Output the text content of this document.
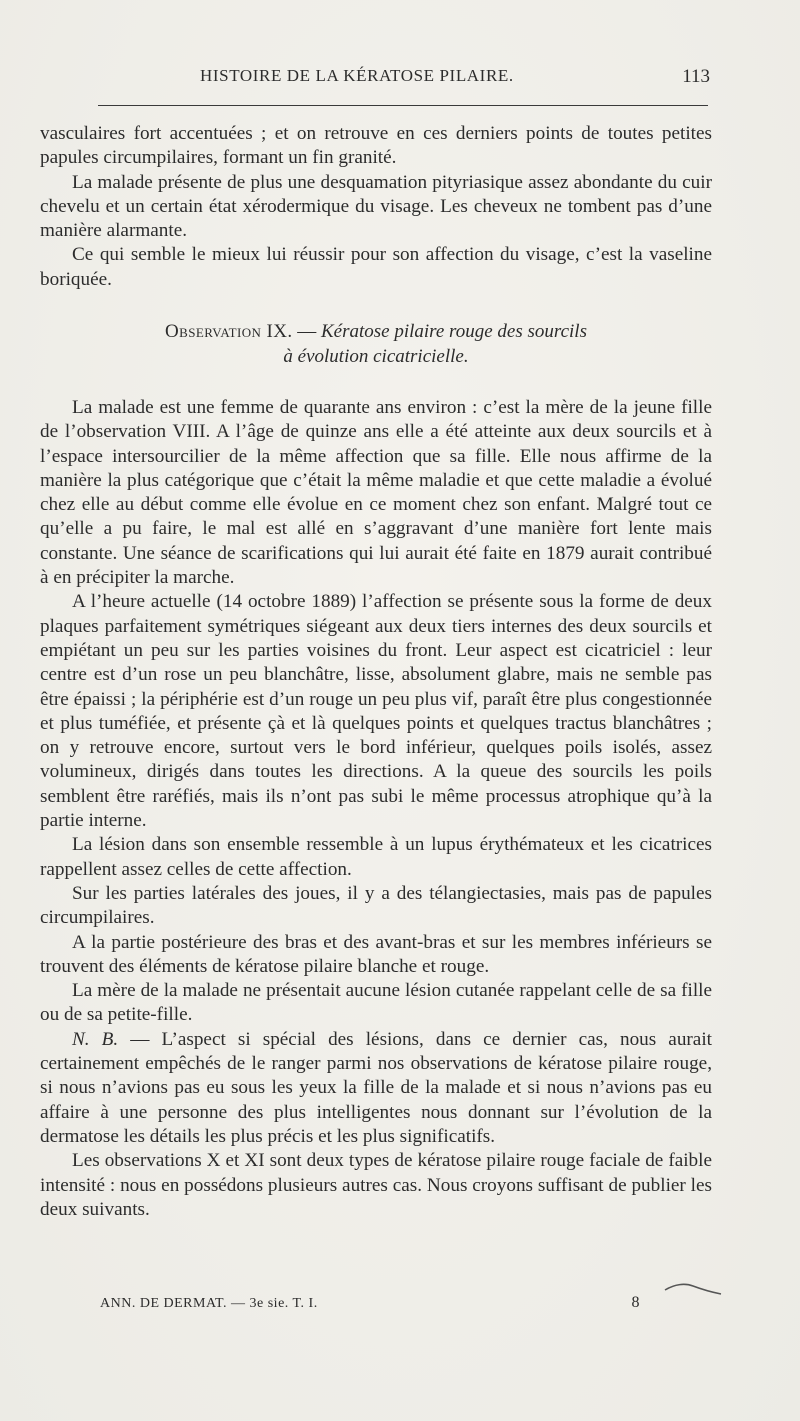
HISTOIRE DE LA KÉRATOSE PILAIRE.	113

vasculaires fort accentuées ; et on retrouve en ces derniers points de toutes petites papules circumpilaires, formant un fin granité.

La malade présente de plus une desquamation pityriasique assez abondante du cuir chevelu et un certain état xérodermique du visage. Les cheveux ne tombent pas d’une manière alarmante.

Ce qui semble le mieux lui réussir pour son affection du visage, c’est la vaseline boriquée.

Observation IX. — Kératose pilaire rouge des sourcils
à évolution cicatricielle.

La malade est une femme de quarante ans environ : c’est la mère de la jeune fille de l’observation VIII. A l’âge de quinze ans elle a été atteinte aux deux sourcils et à l’espace intersourcilier de la même affection que sa fille. Elle nous affirme de la manière la plus catégorique que c’était la même maladie et que cette maladie a évolué chez elle au début comme elle évolue en ce moment chez son enfant. Malgré tout ce qu’elle a pu faire, le mal est allé en s’aggravant d’une manière fort lente mais constante. Une séance de scarifications qui lui aurait été faite en 1879 aurait contribué à en précipiter la marche.

A l’heure actuelle (14 octobre 1889) l’affection se présente sous la forme de deux plaques parfaitement symétriques siégeant aux deux tiers internes des deux sourcils et empiétant un peu sur les parties voisines du front. Leur aspect est cicatriciel : leur centre est d’un rose un peu blanchâtre, lisse, absolument glabre, mais ne semble pas être épaissi ; la périphérie est d’un rouge un peu plus vif, paraît être plus congestionnée et plus tuméfiée, et présente çà et là quelques points et quelques tractus blanchâtres ; on y retrouve encore, surtout vers le bord inférieur, quelques poils isolés, assez volumineux, dirigés dans toutes les directions. A la queue des sourcils les poils semblent être raréfiés, mais ils n’ont pas subi le même processus atrophique qu’à la partie interne.

La lésion dans son ensemble ressemble à un lupus érythémateux et les cicatrices rappellent assez celles de cette affection.

Sur les parties latérales des joues, il y a des télangiectasies, mais pas de papules circumpilaires.

A la partie postérieure des bras et des avant-bras et sur les membres inférieurs se trouvent des éléments de kératose pilaire blanche et rouge.

La mère de la malade ne présentait aucune lésion cutanée rappelant celle de sa fille ou de sa petite-fille.

N. B. — L’aspect si spécial des lésions, dans ce dernier cas, nous aurait certainement empêchés de le ranger parmi nos observations de kératose pilaire rouge, si nous n’avions pas eu sous les yeux la fille de la malade et si nous n’avions pas eu affaire à une personne des plus intelligentes nous donnant sur l’évolution de la dermatose les détails les plus précis et les plus significatifs.

Les observations X et XI sont deux types de kératose pilaire rouge faciale de faible intensité : nous en possédons plusieurs autres cas. Nous croyons suffisant de publier les deux suivants.

ANN. DE DERMAT. — 3e sie. T. I.	8
